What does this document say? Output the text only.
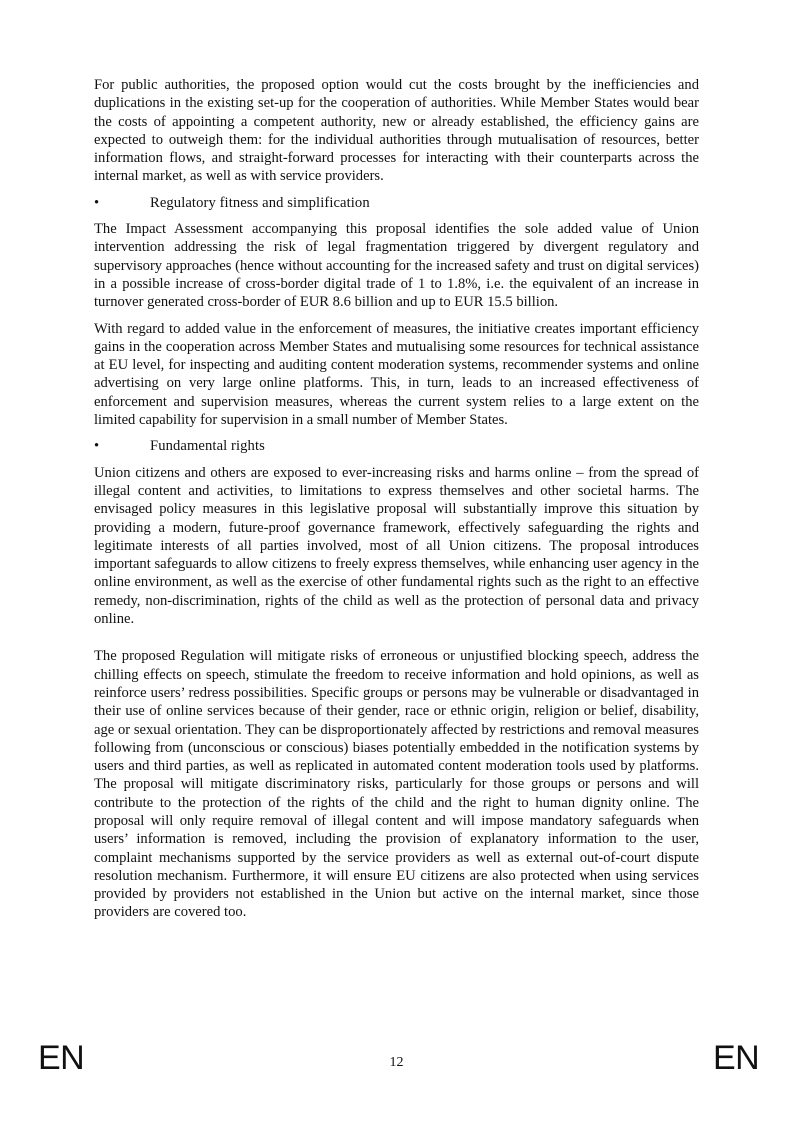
For public authorities, the proposed option would cut the costs brought by the inefficiencies and duplications in the existing set-up for the cooperation of authorities. While Member States would bear the costs of appointing a competent authority, new or already established, the efficiency gains are expected to outweigh them: for the individual authorities through mutualisation of resources, better information flows, and straight-forward processes for interacting with their counterparts across the internal market, as well as with service providers.

•	Regulatory fitness and simplification

The Impact Assessment accompanying this proposal identifies the sole added value of Union intervention addressing the risk of legal fragmentation triggered by divergent regulatory and supervisory approaches (hence without accounting for the increased safety and trust on digital services) in a possible increase of cross-border digital trade of 1 to 1.8%, i.e. the equivalent of an increase in turnover generated cross-border of EUR 8.6 billion and up to EUR 15.5 billion.

With regard to added value in the enforcement of measures, the initiative creates important efficiency gains in the cooperation across Member States and mutualising some resources for technical assistance at EU level, for inspecting and auditing content moderation systems, recommender systems and online advertising on very large online platforms. This, in turn, leads to an increased effectiveness of enforcement and supervision measures, whereas the current system relies to a large extent on the limited capability for supervision in a small number of Member States.

•	Fundamental rights

Union citizens and others are exposed to ever-increasing risks and harms online – from the spread of illegal content and activities, to limitations to express themselves and other societal harms. The envisaged policy measures in this legislative proposal will substantially improve this situation by providing a modern, future-proof governance framework, effectively safeguarding the rights and legitimate interests of all parties involved, most of all Union citizens. The proposal introduces important safeguards to allow citizens to freely express themselves, while enhancing user agency in the online environment, as well as the exercise of other fundamental rights such as the right to an effective remedy, non-discrimination, rights of the child as well as the protection of personal data and privacy online.

The proposed Regulation will mitigate risks of erroneous or unjustified blocking speech, address the chilling effects on speech, stimulate the freedom to receive information and hold opinions, as well as reinforce users’ redress possibilities. Specific groups or persons may be vulnerable or disadvantaged in their use of online services because of their gender, race or ethnic origin, religion or belief, disability, age or sexual orientation. They can be disproportionately affected by restrictions and removal measures following from (unconscious or conscious) biases potentially embedded in the notification systems by users and third parties, as well as replicated in automated content moderation tools used by platforms. The proposal will mitigate discriminatory risks, particularly for those groups or persons and will contribute to the protection of the rights of the child and the right to human dignity online. The proposal will only require removal of illegal content and will impose mandatory safeguards when users’ information is removed, including the provision of explanatory information to the user, complaint mechanisms supported by the service providers as well as external out-of-court dispute resolution mechanism. Furthermore, it will ensure EU citizens are also protected when using services provided by providers not established in the Union but active on the internal market, since those providers are covered too.

EN	12	EN
